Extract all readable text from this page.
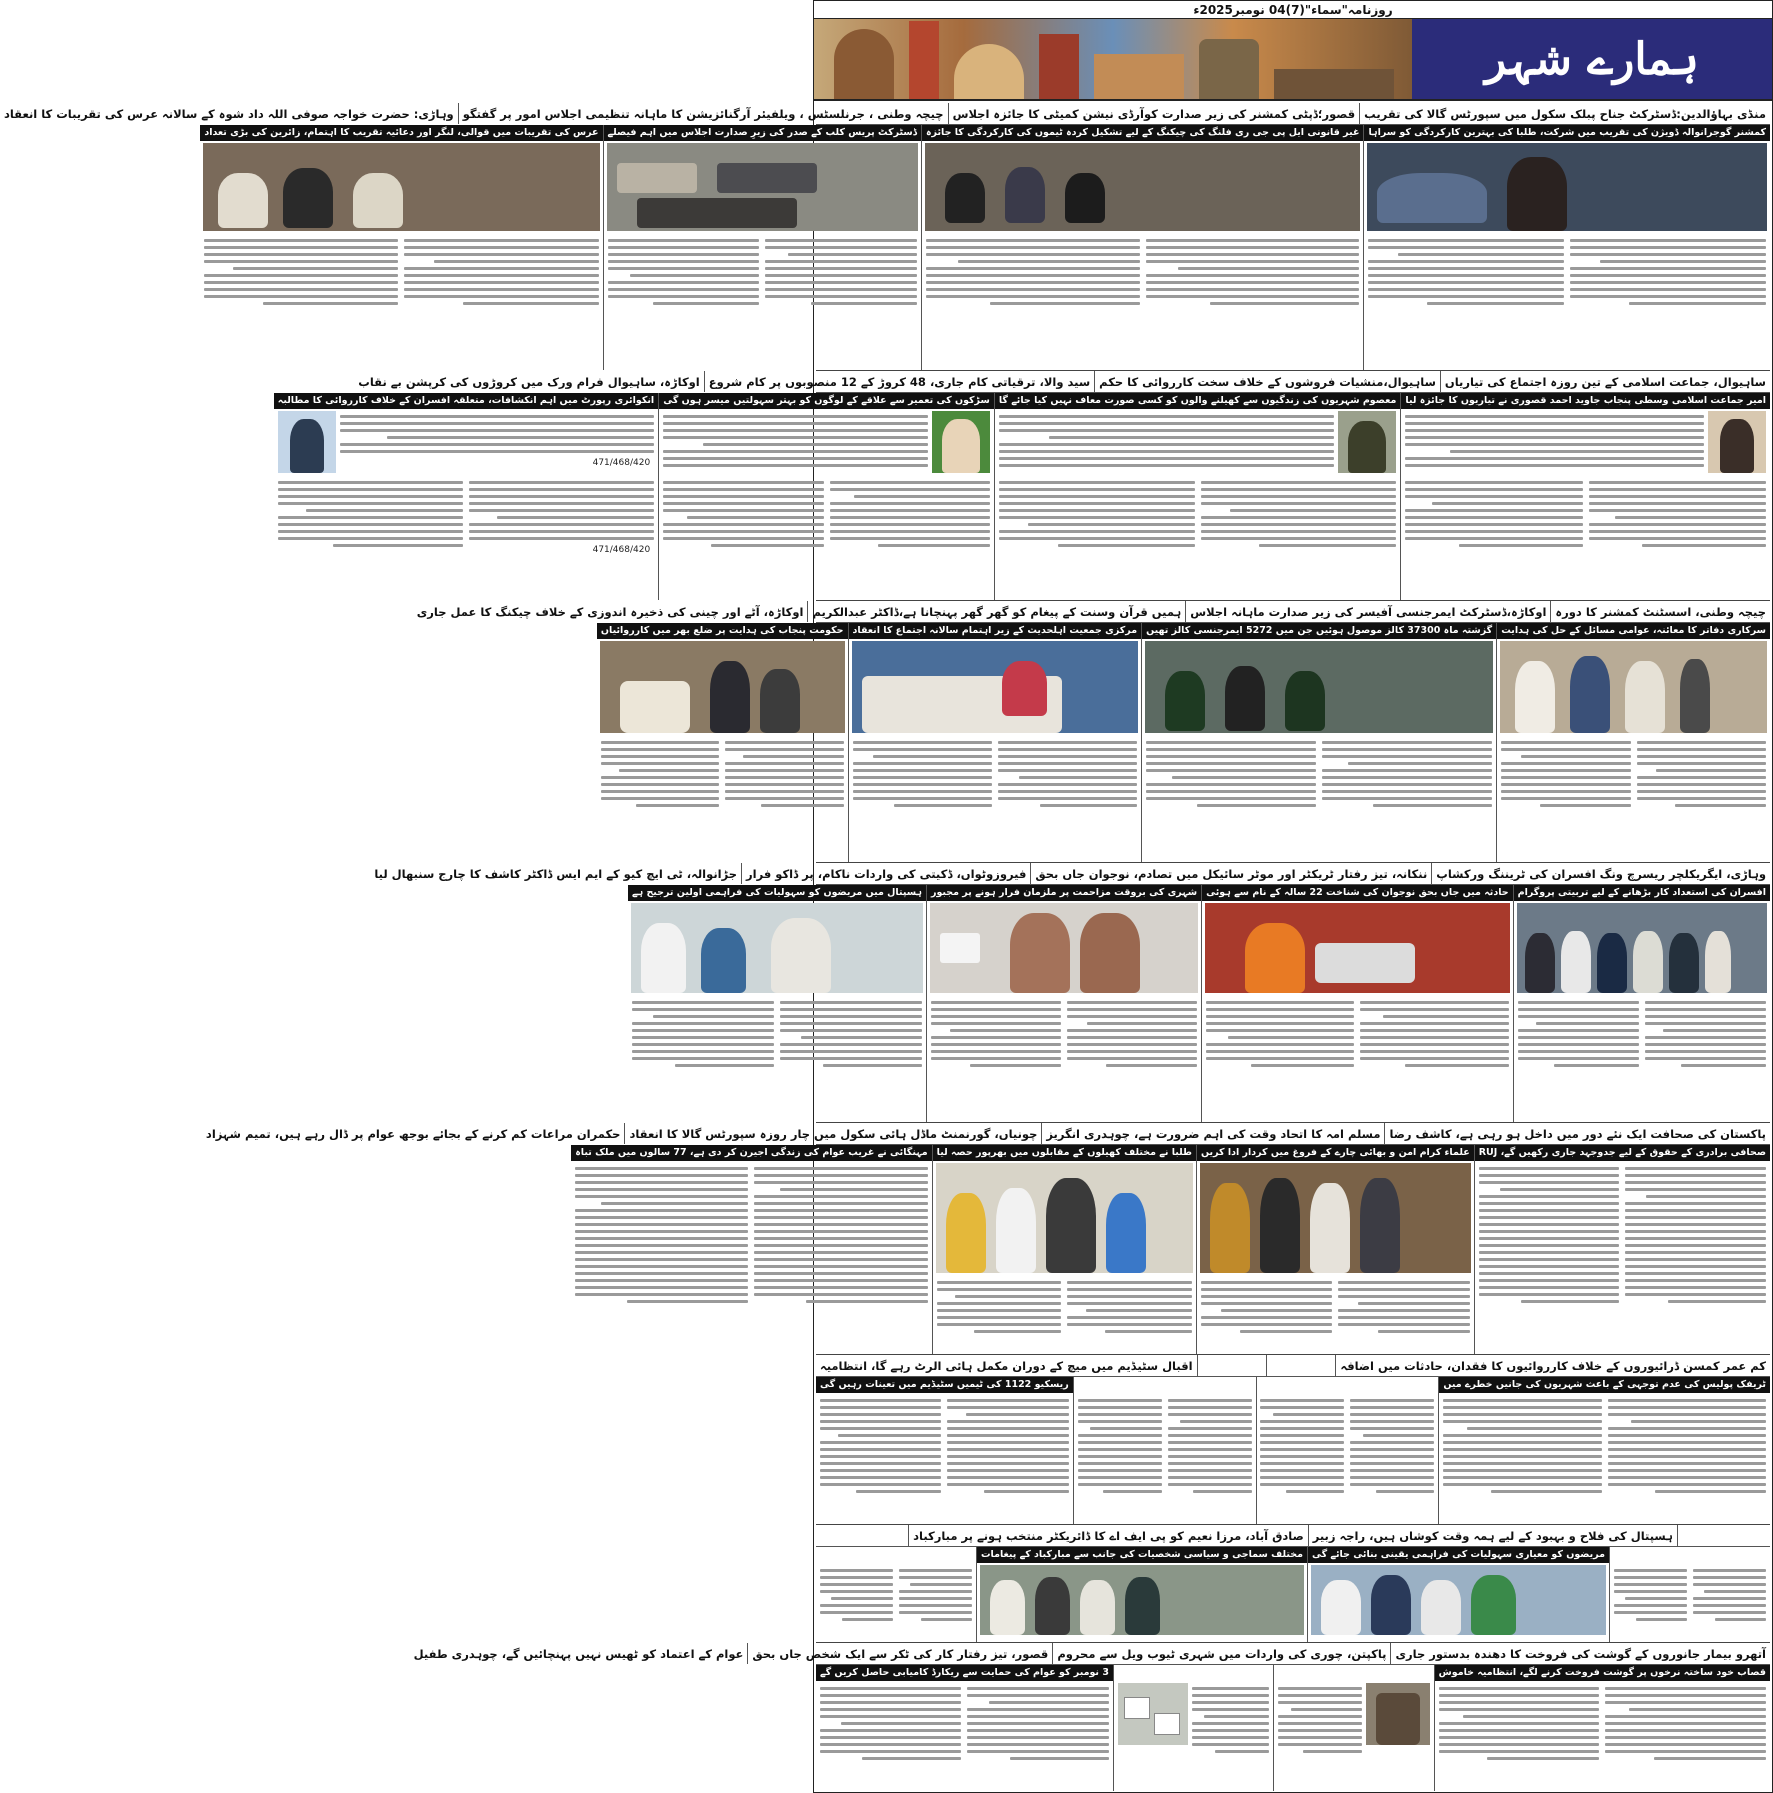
روزنامہ"سماء"(7)04 نومبر2025ء
ہمارے شہر
منڈی بہاؤالدین:ڈسٹرکٹ جناح پبلک سکول میں سپورٹس گالا کی تقریب
قصور؛ڈپٹی کمشنر کی زیر صدارت کوآرڈی نیشن کمیٹی کا جائزہ اجلاس
چیچہ وطنی ، جرنلسٹس ، ویلفیئر آرگنائزیشن کا ماہانہ تنظیمی اجلاس امور پر گفتگو
وہاڑی: حضرت خواجہ صوفی اللہ داد شوہ کے سالانہ عرس کی تقریبات کا انعقاد
کمشنر گوجرانوالہ ڈویژن کی تقریب میں شرکت، طلبا کی بہترین کارکردگی کو سراہا
غیر قانونی ایل پی جی ری فلنگ کی چیکنگ کے لیے تشکیل کردہ ٹیموں کی کارکردگی کا جائزہ
ڈسٹرکٹ پریس کلب کے صدر کی زیرِ صدارت اجلاس میں اہم فیصلے
عرس کی تقریبات میں قوالی، لنگر اور دعائیہ تقریب کا اہتمام، زائرین کی بڑی تعداد
ساہیوال، جماعت اسلامی کے تین روزہ اجتماع کی تیاریاں
ساہیوال،منشیات فروشوں کے خلاف سخت کارروائی کا حکم
سید والا، ترقیاتی کام جاری، 48 کروڑ کے 12 منصوبوں پر کام شروع
اوکاڑہ، ساہیوال فرام ورک میں کروڑوں کی کرپشن بے نقاب
امیر جماعت اسلامی وسطی پنجاب جاوید احمد قصوری نے تیاریوں کا جائزہ لیا
معصوم شہریوں کی زندگیوں سے کھیلنے والوں کو کسی صورت معاف نہیں کیا جائے گا
سڑکوں کی تعمیر سے علاقے کے لوگوں کو بہتر سہولتیں میسر ہوں گی
انکوائری رپورٹ میں اہم انکشافات، متعلقہ افسران کے خلاف کارروائی کا مطالبہ
471/468/420
471/468/420
چیچہ وطنی، اسسٹنٹ کمشنر کا دورہ
اوکاڑہ،ڈسٹرکٹ ایمرجنسی آفیسر کی زیر صدارت ماہانہ اجلاس
ہمیں قرآن وسنت کے پیغام کو گھر گھر پہنچانا ہے،ڈاکٹر عبدالکریم
اوکاڑہ، آٹے اور چینی کی ذخیرہ اندوزی کے خلاف چیکنگ کا عمل جاری
سرکاری دفاتر کا معائنہ، عوامی مسائل کے حل کی ہدایت
گزشتہ ماہ 37300 کالز موصول ہوئیں جن میں 5272 ایمرجنسی کالز تھیں
مرکزی جمعیت اہلحدیث کے زیر اہتمام سالانہ اجتماع کا انعقاد
حکومت پنجاب کی ہدایت پر ضلع بھر میں کارروائیاں
وہاڑی، ایگریکلچر ریسرچ ونگ افسران کی ٹریننگ ورکشاپ
ننکانہ، تیز رفتار ٹریکٹر اور موٹر سائیکل میں تصادم، نوجوان جاں بحق
فیروزوٹواں، ڈکیتی کی واردات ناکام، پر ڈاکو فرار
جڑانوالہ، ٹی ایچ کیو کے ایم ایس ڈاکٹر کاشف کا چارج سنبھال لیا
افسران کی استعداد کار بڑھانے کے لیے تربیتی پروگرام
حادثہ میں جاں بحق نوجوان کی شناخت 22 سالہ کے نام سے ہوئی
شہری کی بروقت مزاحمت پر ملزمان فرار ہونے پر مجبور
ہسپتال میں مریضوں کو سہولیات کی فراہمی اولین ترجیح ہے
پاکستان کی صحافت ایک نئے دور میں داخل ہو رہی ہے، کاشف رضا
مسلم امہ کا اتحاد وقت کی اہم ضرورت ہے، چوہدری انگریز
چونیاں، گورنمنٹ ماڈل ہائی سکول میں چار روزہ سپورٹس گالا کا انعقاد
حکمران مراعات کم کرنے کے بجائے بوجھ عوام پر ڈال رہے ہیں، تمیم شہزاد
صحافی برادری کے حقوق کے لیے جدوجہد جاری رکھیں گے، RUJ
علماء کرام امن و بھائی چارے کے فروغ میں کردار ادا کریں
طلبا نے مختلف کھیلوں کے مقابلوں میں بھرپور حصہ لیا
مہنگائی نے غریب عوام کی زندگی اجیرن کر دی ہے، 77 سالوں میں ملک تباہ
کم عمر کمسن ڈرائیوروں کے خلاف کارروائیوں کا فقدان، حادثات میں اضافہ
اقبال سٹیڈیم میں میچ کے دوران مکمل ہائی الرٹ رہے گا، انتظامیہ
ٹریفک پولیس کی عدم توجہی کے باعث شہریوں کی جانیں خطرے میں
ریسکیو 1122 کی ٹیمیں سٹیڈیم میں تعینات رہیں گی
ہسپتال کی فلاح و بہبود کے لیے ہمہ وقت کوشاں ہیں، راجہ زبیر
صادق آباد، مرزا نعیم کو پی ایف اے کا ڈائریکٹر منتخب ہونے پر مبارکباد
مریضوں کو معیاری سہولیات کی فراہمی یقینی بنائی جائے گی
مختلف سماجی و سیاسی شخصیات کی جانب سے مبارکباد کے پیغامات
آتھرو بیمار جانوروں کے گوشت کی فروخت کا دھندہ بدستور جاری
پاکپتن، چوری کی واردات میں شہری ٹیوب ویل سے محروم
قصور، تیز رفتار کار کی ٹکر سے ایک شخص جاں بحق
عوام کے اعتماد کو ٹھیس نہیں پہنچائیں گے، چوہدری طفیل
قصاب خود ساختہ نرخوں پر گوشت فروخت کرنے لگے، انتظامیہ خاموش
3 نومبر کو عوام کی حمایت سے ریکارڈ کامیابی حاصل کریں گے
